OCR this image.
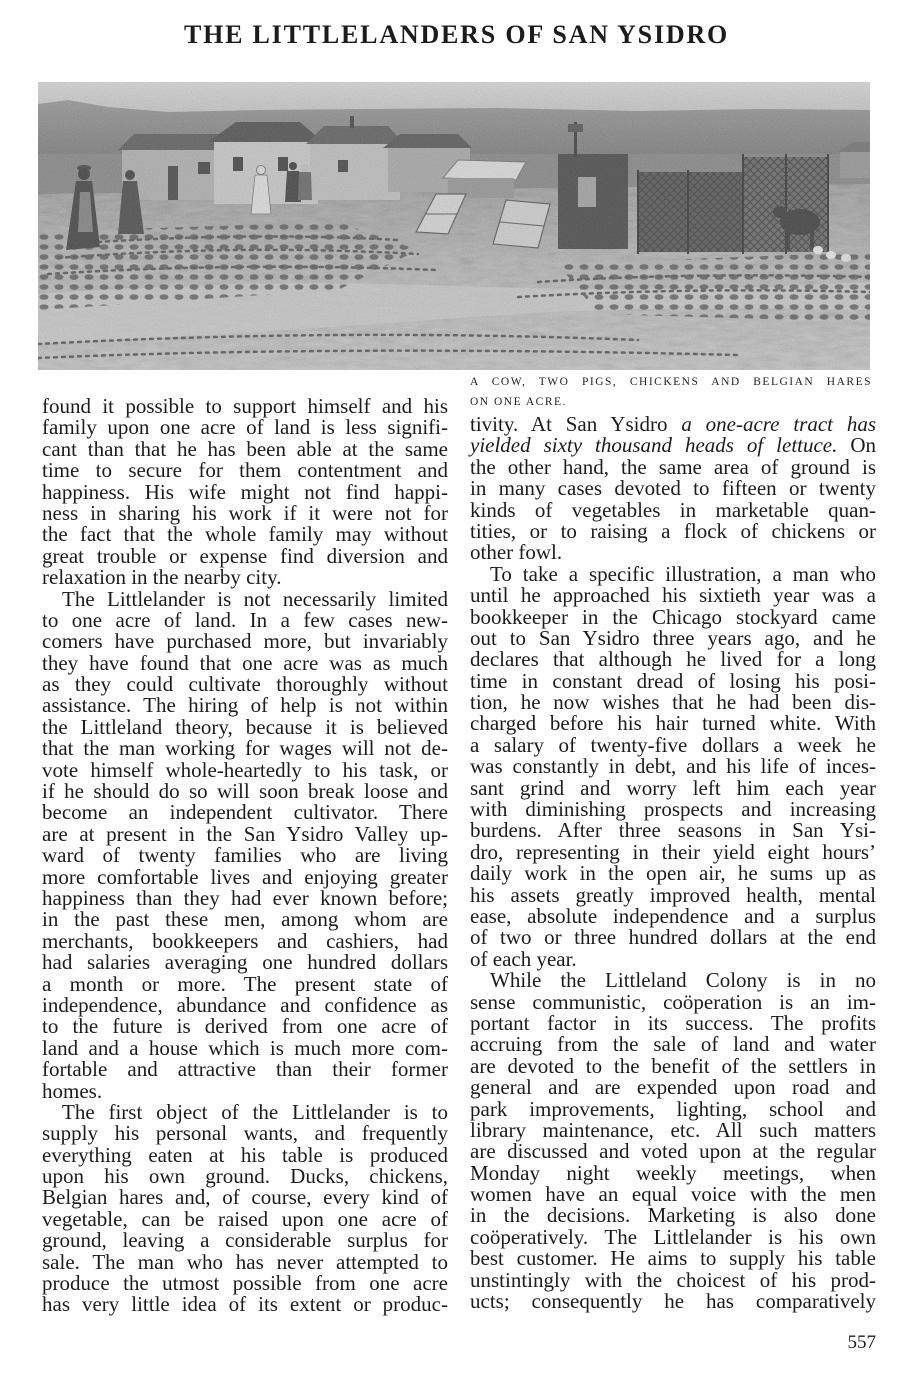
THE LITTLELANDERS OF SAN YSIDRO
A COW, TWO PIGS, CHICKENS AND BELGIAN HARES
ON ONE ACRE.
found it possible to support himself and his
family upon one acre of land is less signifi-
cant than that he has been able at the same
time to secure for them contentment and
happiness. His wife might not find happi-
ness in sharing his work if it were not for
the fact that the whole family may without
great trouble or expense find diversion and
relaxation in the nearby city.
The Littlelander is not necessarily limited
to one acre of land. In a few cases new-
comers have purchased more, but invariably
they have found that one acre was as much
as they could cultivate thoroughly without
assistance. The hiring of help is not within
the Littleland theory, because it is believed
that the man working for wages will not de-
vote himself whole-heartedly to his task, or
if he should do so will soon break loose and
become an independent cultivator. There
are at present in the San Ysidro Valley up-
ward of twenty families who are living
more comfortable lives and enjoying greater
happiness than they had ever known before;
in the past these men, among whom are
merchants, bookkeepers and cashiers, had
had salaries averaging one hundred dollars
a month or more. The present state of
independence, abundance and confidence as
to the future is derived from one acre of
land and a house which is much more com-
fortable and attractive than their former
homes.
The first object of the Littlelander is to
supply his personal wants, and frequently
everything eaten at his table is produced
upon his own ground. Ducks, chickens,
Belgian hares and, of course, every kind of
vegetable, can be raised upon one acre of
ground, leaving a considerable surplus for
sale. The man who has never attempted to
produce the utmost possible from one acre
has very little idea of its extent or produc-
tivity. At San Ysidro a one-acre tract has
yielded sixty thousand heads of lettuce. On
the other hand, the same area of ground is
in many cases devoted to fifteen or twenty
kinds of vegetables in marketable quan-
tities, or to raising a flock of chickens or
other fowl.
To take a specific illustration, a man who
until he approached his sixtieth year was a
bookkeeper in the Chicago stockyard came
out to San Ysidro three years ago, and he
declares that although he lived for a long
time in constant dread of losing his posi-
tion, he now wishes that he had been dis-
charged before his hair turned white. With
a salary of twenty-five dollars a week he
was constantly in debt, and his life of inces-
sant grind and worry left him each year
with diminishing prospects and increasing
burdens. After three seasons in San Ysi-
dro, representing in their yield eight hours’
daily work in the open air, he sums up as
his assets greatly improved health, mental
ease, absolute independence and a surplus
of two or three hundred dollars at the end
of each year.
While the Littleland Colony is in no
sense communistic, coöperation is an im-
portant factor in its success. The profits
accruing from the sale of land and water
are devoted to the benefit of the settlers in
general and are expended upon road and
park improvements, lighting, school and
library maintenance, etc. All such matters
are discussed and voted upon at the regular
Monday night weekly meetings, when
women have an equal voice with the men
in the decisions. Marketing is also done
coöperatively. The Littlelander is his own
best customer. He aims to supply his table
unstintingly with the choicest of his prod-
ucts; consequently he has comparatively
557
